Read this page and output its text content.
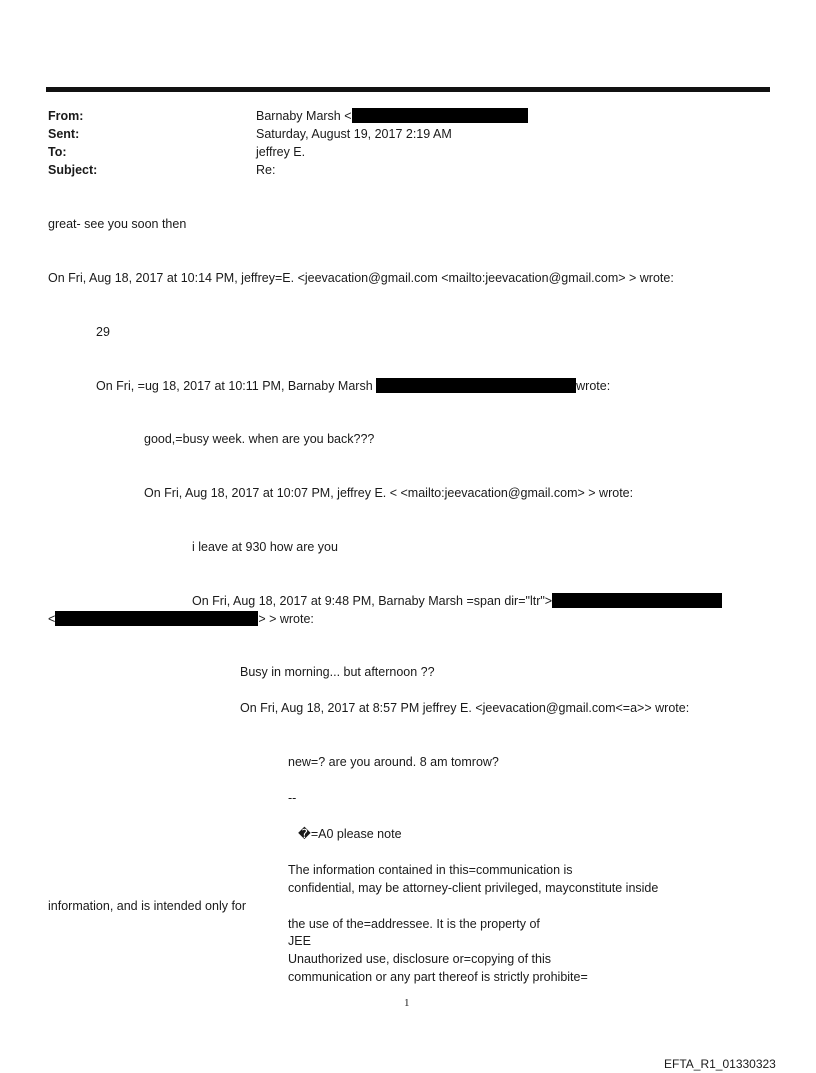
From:	Barnaby Marsh <
Sent:	Saturday, August 19, 2017 2:19 AM
To:	jeffrey E.
Subject:	Re:
great- see you soon then
On Fri, Aug 18, 2017 at 10:14 PM, jeffrey=E. <jeevacation@gmail.com <mailto:jeevacation@gmail.com> > wrote:
29
On Fri, =ug 18, 2017 at 10:11 PM, Barnaby Marsh	wrote:
good,=busy week. when are you back???
On Fri, Aug 18, 2017 at 10:07 PM, jeffrey E. < <mailto:jeevacation@gmail.com> > wrote:
i leave at 930 how are you
On Fri, Aug 18, 2017 at 9:48 PM, Barnaby Marsh =span dir="ltr">
<	> > wrote:
Busy in morning... but afternoon ??
On Fri, Aug 18, 2017 at 8:57 PM jeffrey E. <jeevacation@gmail.com<=a>> wrote:
new=? are you around. 8 am tomrow?
--
�=A0 please note
The information contained in this=communication is
confidential, may be attorney-client privileged, mayconstitute inside
information, and is intended only for
the use of the=addressee. It is the property of
JEE
Unauthorized use, disclosure or=copying of this
communication or any part thereof is strictly prohibite=
1
EFTA_R1_01330323
